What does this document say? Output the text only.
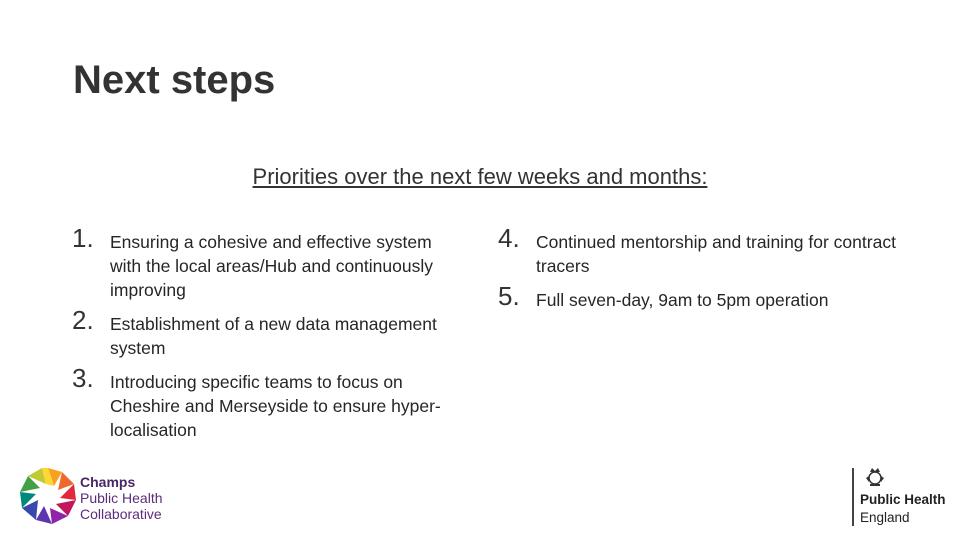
Next steps
Priorities over the next few weeks and months:
1. Ensuring a cohesive and effective system with the local areas/Hub and continuously improving
2. Establishment of a new data management system
3. Introducing specific teams to focus on Cheshire and Merseyside to ensure hyper-localisation
4. Continued mentorship and training for contract tracers
5. Full seven-day, 9am to 5pm operation
Champs
Public Health
Collaborative
Public Health
England
